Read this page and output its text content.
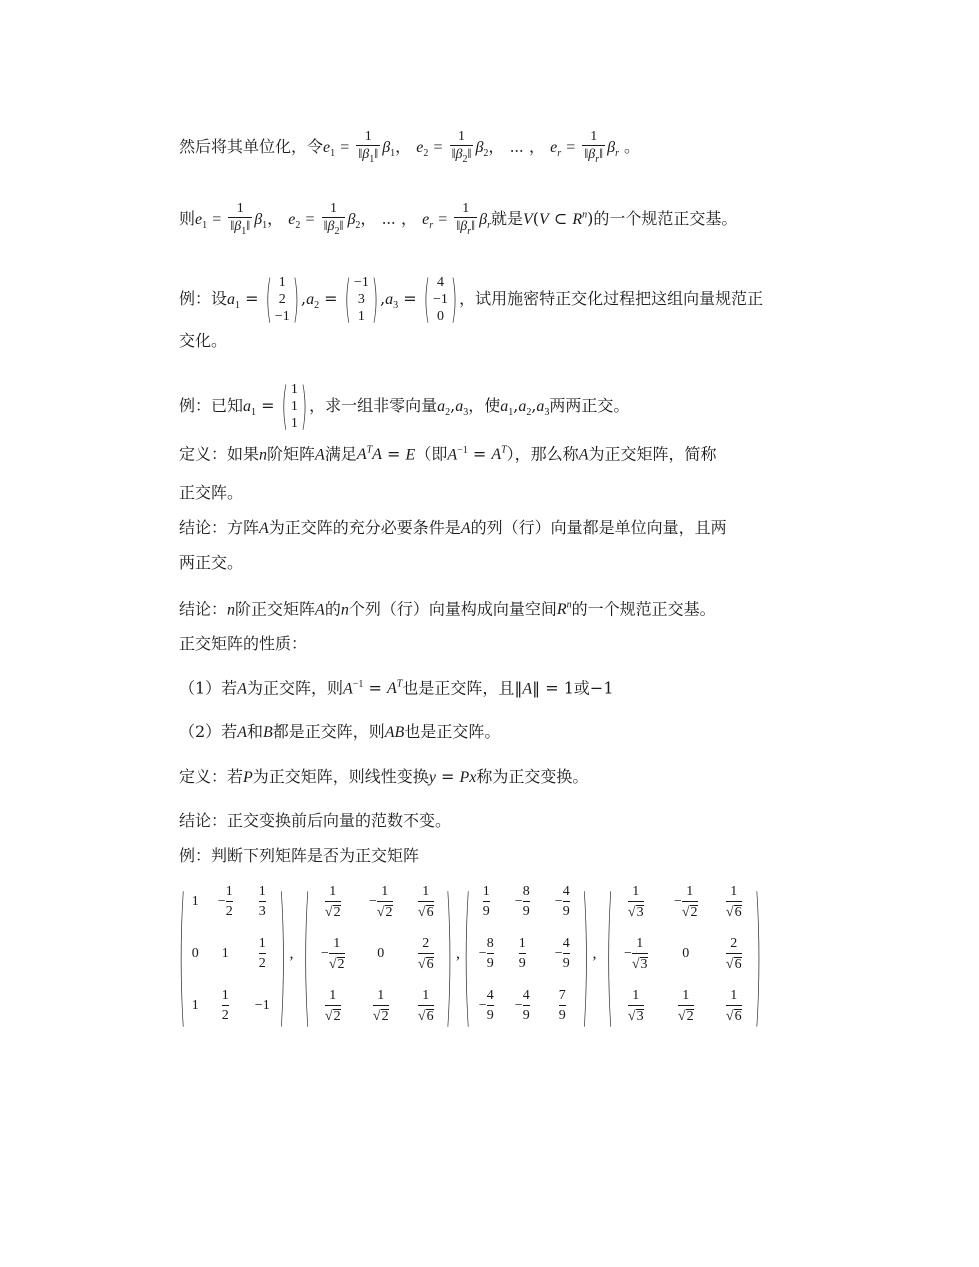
然后将其单位化，令$e_1 = \frac{1}{‖\beta_1‖} \beta_1$， $e_2 = \frac{1}{‖\beta_2‖} \beta_2$， ⋯ ， $e_r = \frac{1}{‖\beta_r‖} \beta_r$ 。
则$e_1 = \frac{1}{‖\beta_1‖} \beta_1$， $e_2 = \frac{1}{‖\beta_2‖} \beta_2$， ⋯ ， $e_r = \frac{1}{‖\beta_r‖} \beta_r$就是V(V ⊂ $R^n$)的一个规范正交基。
例：设$a_1$ = ( 1
2
−1 ) $,a_2$ = ( −1
3
1 ) $,a_3$ = ( 4
−1
0 ) ，试用施密特正交化过程把这组向量规范正
交化。
例：已知$a_1$ = ( 1
1
1 ) ，求一组非零向量$a_2,a_3$，使$a_1,a_2,a_3$两两正交。
定义：如果n阶矩阵A满足$A^TA = E$（即$A^{-1} = A^T$），那么称A为正交矩阵，简称
正交阵。
结论：方阵A为正交阵的充分必要条件是A的列（行）向量都是单位向量，且两
两正交。
结论：n阶正交矩阵A的n个列（行）向量构成向量空间$R^n$的一个规范正交基。
正交矩阵的性质：
（1）若A为正交阵，则$A^{-1} = A^T$也是正交阵，且‖A‖ = 1或−1
（2）若A和B都是正交阵，则AB也是正交阵。
定义：若P为正交矩阵，则线性变换y = Px称为正交变换。
结论：正交变换前后向量的范数不变。
例：判断下列矩阵是否为正交矩阵
( 1	−
1
2
1
3
0	1
1
2
1
1
2
−1 ) , ( 1
√2
−
1
√2
1
√6
−
1
√2
0
2
√6
1
√2
1
√2
1
√6 ) , ( 1
9
−
8
9
−
4
9
−
8
9
1
9
−
4
9
−
4
9
−
4
9
7
9 ) , ( 1
√3
−
1
√2
1
√6
−
1
√3
0
2
√6
1
√3
1
√2
1
√6 )
